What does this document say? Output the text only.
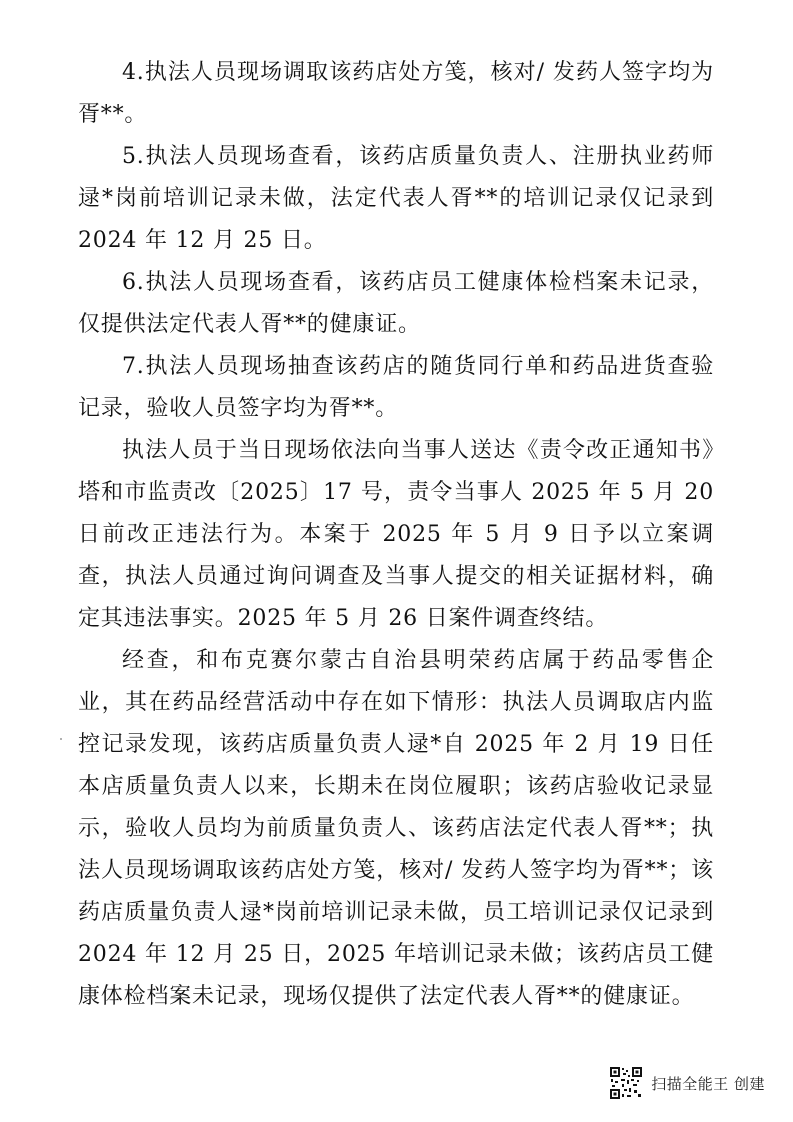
4.执法人员现场调取该药店处方笺，核对/ 发药人签字均为胥**。

5.执法人员现场查看，该药店质量负责人、注册执业药师逯*岗前培训记录未做，法定代表人胥**的培训记录仅记录到 2024 年 12 月 25 日。

6.执法人员现场查看，该药店员工健康体检档案未记录，仅提供法定代表人胥**的健康证。

7.执法人员现场抽查该药店的随货同行单和药品进货查验记录，验收人员签字均为胥**。

执法人员于当日现场依法向当事人送达《责令改正通知书》塔和市监责改〔2025〕17 号，责令当事人 2025 年 5 月 20 日前改正违法行为。本案于 2025 年 5 月 9 日予以立案调查，执法人员通过询问调查及当事人提交的相关证据材料，确定其违法事实。2025 年 5 月 26 日案件调查终结。

经查，和布克赛尔蒙古自治县明荣药店属于药品零售企业，其在药品经营活动中存在如下情形：执法人员调取店内监控记录发现，该药店质量负责人逯*自 2025 年 2 月 19 日任本店质量负责人以来，长期未在岗位履职；该药店验收记录显示，验收人员均为前质量负责人、该药店法定代表人胥**；执法人员现场调取该药店处方笺，核对/ 发药人签字均为胥**；该药店质量负责人逯*岗前培训记录未做，员工培训记录仅记录到 2024 年 12 月 25 日，2025 年培训记录未做；该药店员工健康体检档案未记录，现场仅提供了法定代表人胥**的健康证。

扫描全能王 创建
